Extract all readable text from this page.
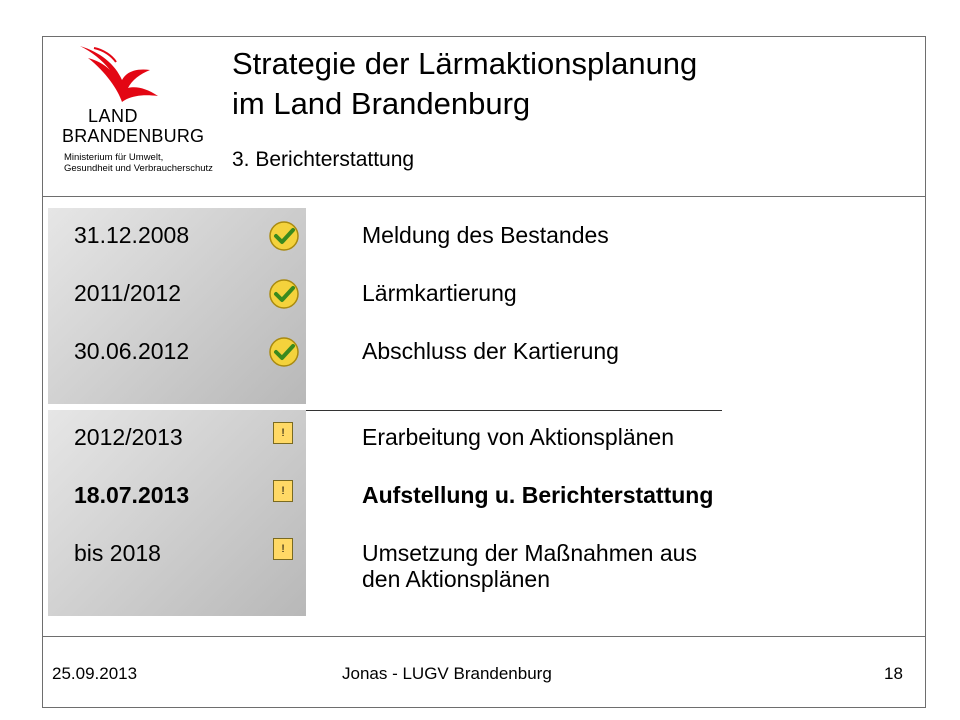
LAND
BRANDENBURG
Ministerium für Umwelt, Gesundheit und Verbraucherschutz
Strategie der Lärmaktionsplanung
im Land Brandenburg
3. Berichterstattung
31.12.2008	Meldung des Bestandes
2011/2012	Lärmkartierung
30.06.2012	Abschluss der Kartierung
2012/2013	!	Erarbeitung von Aktionsplänen
18.07.2013	!	Aufstellung u. Berichterstattung
bis 2018	!	Umsetzung der Maßnahmen aus
den Aktionsplänen
25.09.2013	Jonas - LUGV Brandenburg	18
